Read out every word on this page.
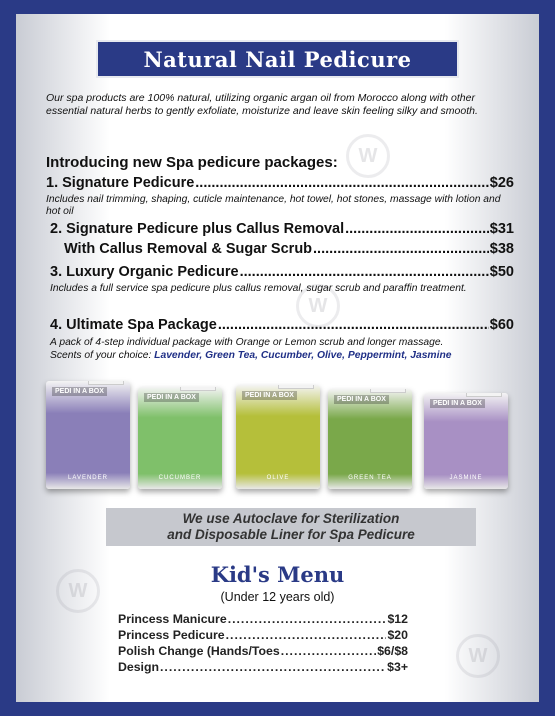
W
W
W
W
Natural Nail Pedicure
Our spa products are 100% natural, utilizing organic argan oil from Morocco along with other essential natural herbs to gently exfoliate, moisturize and leave skin feeling silky and smooth.
Introducing new Spa pedicure packages:
1. Signature Pedicure .....	$26
Includes nail trimming, shaping, cuticle maintenance, hot towel, hot stones, massage with lotion and hot oil
2. Signature Pedicure plus Callus Removal .....	$31
With Callus Removal & Sugar Scrub .....	$38
3. Luxury Organic Pedicure .....	$50
Includes a full service spa pedicure plus callus removal, sugar scrub and paraffin treatment.
4. Ultimate Spa Package .....	$60
A pack of 4-step individual package with Orange or Lemon scrub and longer massage.
Scents of your choice: Lavender, Green Tea, Cucumber, Olive, Peppermint, Jasmine
PEDI IN A BOX
LAVENDER
PEDI IN A BOX
CUCUMBER
PEDI IN A BOX
OLIVE
PEDI IN A BOX
GREEN TEA
PEDI IN A BOX
JASMINE
We use Autoclave for Sterilization
and Disposable Liner for Spa Pedicure
Kid's Menu
(Under 12 years old)
Princess Manicure .....	$12
Princess Pedicure .....	$20
Polish Change (Hands/Toes .....	$6/$8
Design .....	$3+
